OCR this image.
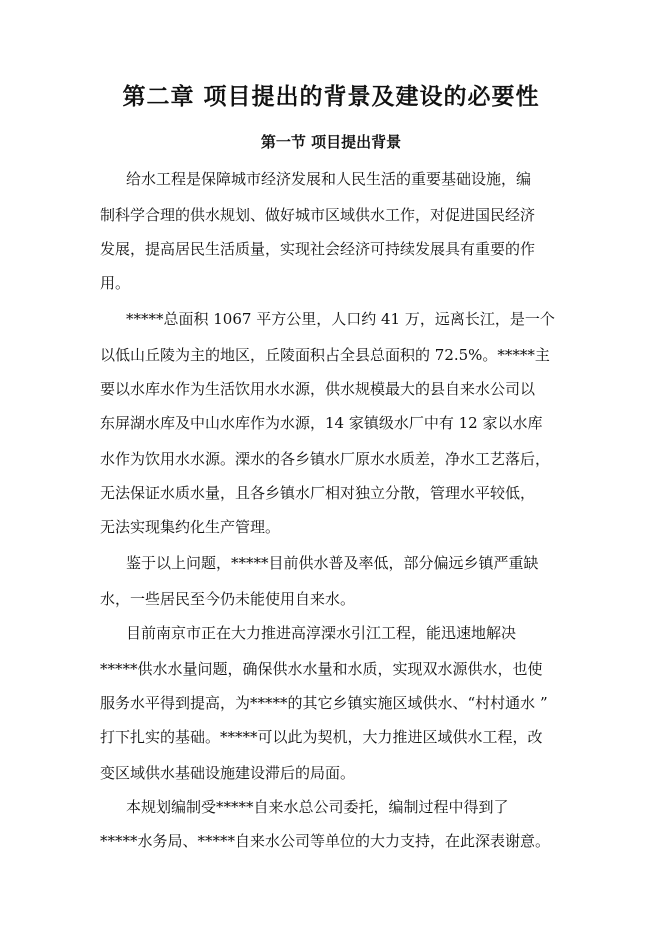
第二章 项目提出的背景及建设的必要性
第一节 项目提出背景

给水工程是保障城市经济发展和人民生活的重要基础设施，编

制科学合理的供水规划、做好城市区域供水工作，对促进国民经济

发展，提高居民生活质量，实现社会经济可持续发展具有重要的作

用。

*****总面积 1067 平方公里，人口约 41 万，远离长江，是一个

以低山丘陵为主的地区，丘陵面积占全县总面积的 72.5%。*****主

要以水库水作为生活饮用水水源，供水规模最大的县自来水公司以

东屏湖水库及中山水库作为水源，14 家镇级水厂中有 12 家以水库

水作为饮用水水源。溧水的各乡镇水厂原水水质差，净水工艺落后，

无法保证水质水量，且各乡镇水厂相对独立分散，管理水平较低，

无法实现集约化生产管理。

鉴于以上问题，*****目前供水普及率低，部分偏远乡镇严重缺

水，一些居民至今仍未能使用自来水。

目前南京市正在大力推进高淳溧水引江工程，能迅速地解决

*****供水水量问题，确保供水水量和水质，实现双水源供水，也使

服务水平得到提高，为*****的其它乡镇实施区域供水、“村村通水 ”

打下扎实的基础。*****可以此为契机，大力推进区域供水工程，改

变区域供水基础设施建设滞后的局面。

本规划编制受*****自来水总公司委托，编制过程中得到了

*****水务局、*****自来水公司等单位的大力支持，在此深表谢意。
